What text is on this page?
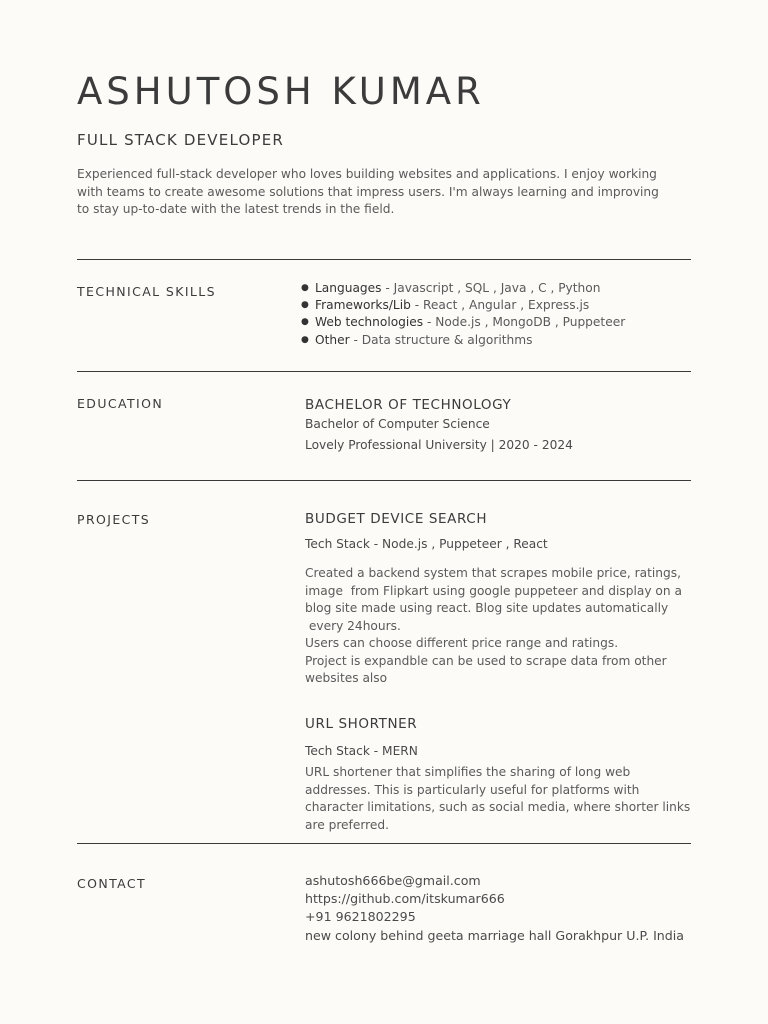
ASHUTOSH KUMAR
FULL STACK DEVELOPER
Experienced full-stack developer who loves building websites and applications. I enjoy working
with teams to create awesome solutions that impress users. I'm always learning and improving
to stay up-to-date with the latest trends in the field.
TECHNICAL SKILLS	● Languages - Javascript , SQL , Java , C , Python
● Frameworks/Lib - React , Angular , Express.js
● Web technologies - Node.js , MongoDB , Puppeteer
● Other - Data structure & algorithms
EDUCATION	BACHELOR OF TECHNOLOGY
Bachelor of Computer Science
Lovely Professional University | 2020 - 2024
PROJECTS	BUDGET DEVICE SEARCH
Tech Stack - Node.js , Puppeteer , React
Created a backend system that scrapes mobile price, ratings,
image  from Flipkart using google puppeteer and display on a
blog site made using react. Blog site updates automatically
every 24hours.
Users can choose different price range and ratings.
Project is expandble can be used to scrape data from other
websites also
URL SHORTNER
Tech Stack - MERN
URL shortener that simplifies the sharing of long web
addresses. This is particularly useful for platforms with
character limitations, such as social media, where shorter links
are preferred.
CONTACT	ashutosh666be@gmail.com
https://github.com/itskumar666
+91 9621802295
new colony behind geeta marriage hall Gorakhpur U.P. India
